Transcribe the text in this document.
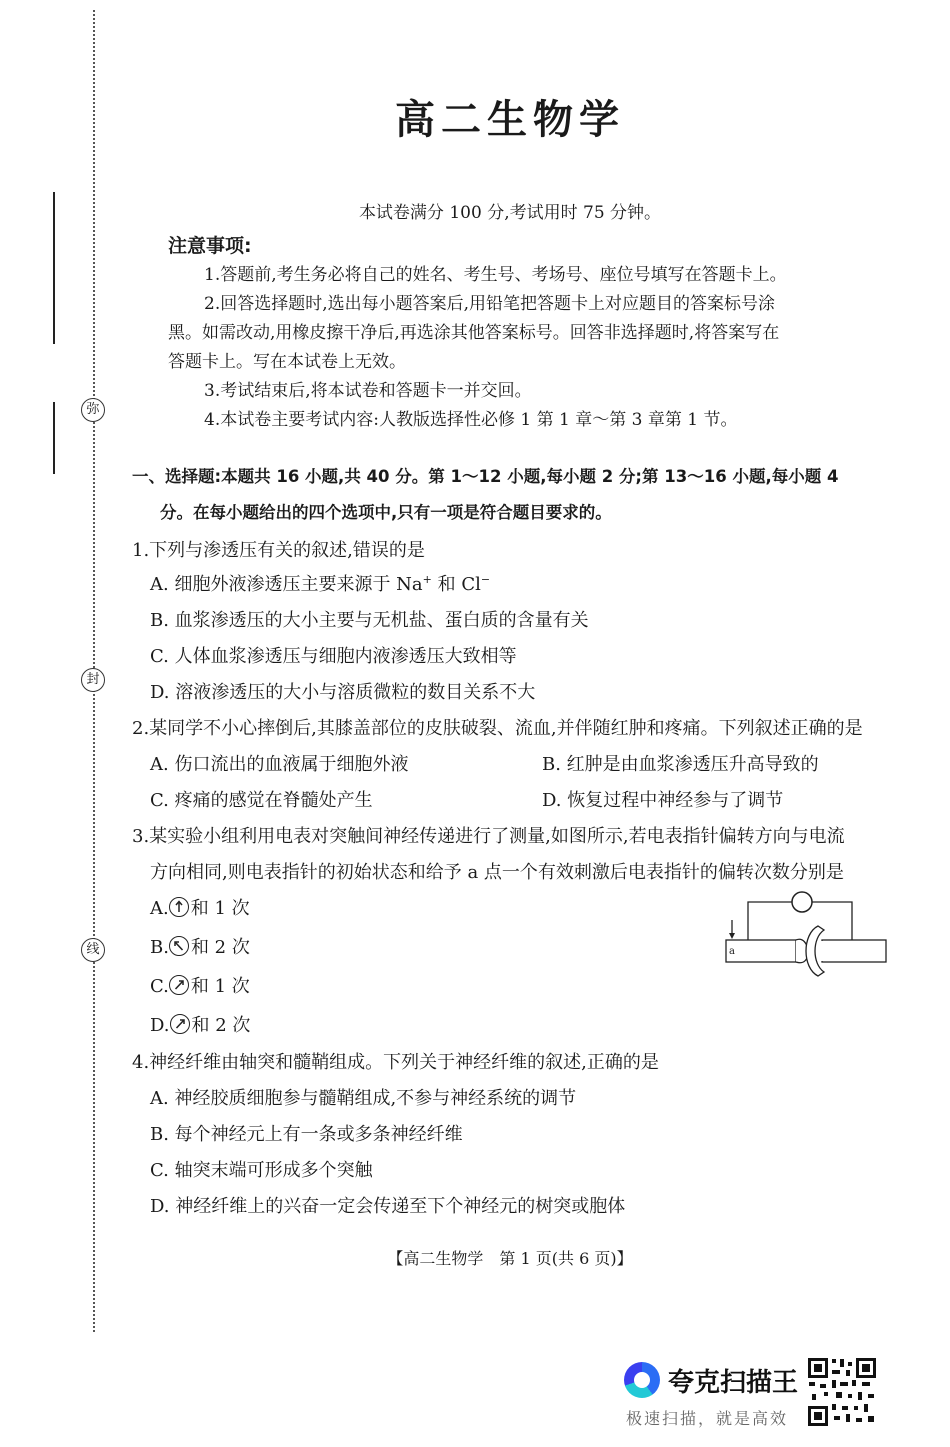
弥
封
线
高二生物学
本试卷满分 100 分,考试用时 75 分钟。
注意事项:
1.答题前,考生务必将自己的姓名、考生号、考场号、座位号填写在答题卡上。
2.回答选择题时,选出每小题答案后,用铅笔把答题卡上对应题目的答案标号涂
黑。如需改动,用橡皮擦干净后,再选涂其他答案标号。回答非选择题时,将答案写在
答题卡上。写在本试卷上无效。
3.考试结束后,将本试卷和答题卡一并交回。
4.本试卷主要考试内容:人教版选择性必修 1 第 1 章～第 3 章第 1 节。
一、选择题:本题共 16 小题,共 40 分。第 1～12 小题,每小题 2 分;第 13～16 小题,每小题 4
分。在每小题给出的四个选项中,只有一项是符合题目要求的。
1.下列与渗透压有关的叙述,错误的是
A. 细胞外液渗透压主要来源于 Na+ 和 Cl−
B. 血浆渗透压的大小主要与无机盐、蛋白质的含量有关
C. 人体血浆渗透压与细胞内液渗透压大致相等
D. 溶液渗透压的大小与溶质微粒的数目关系不大
2.某同学不小心摔倒后,其膝盖部位的皮肤破裂、流血,并伴随红肿和疼痛。下列叙述正确的是
A. 伤口流出的血液属于细胞外液	B. 红肿是由血浆渗透压升高导致的
C. 疼痛的感觉在脊髓处产生	D. 恢复过程中神经参与了调节
3.某实验小组利用电表对突触间神经传递进行了测量,如图所示,若电表指针偏转方向与电流
方向相同,则电表指针的初始状态和给予 a 点一个有效刺激后电表指针的偏转次数分别是
A. 和 1 次
B. 和 2 次
C. 和 1 次
D. 和 2 次
a
4.神经纤维由轴突和髓鞘组成。下列关于神经纤维的叙述,正确的是
A. 神经胶质细胞参与髓鞘组成,不参与神经系统的调节
B. 每个神经元上有一条或多条神经纤维
C. 轴突末端可形成多个突触
D. 神经纤维上的兴奋一定会传递至下个神经元的树突或胞体
【高二生物学　第 1 页(共 6 页)】
夸克扫描王
极速扫描，就是高效
